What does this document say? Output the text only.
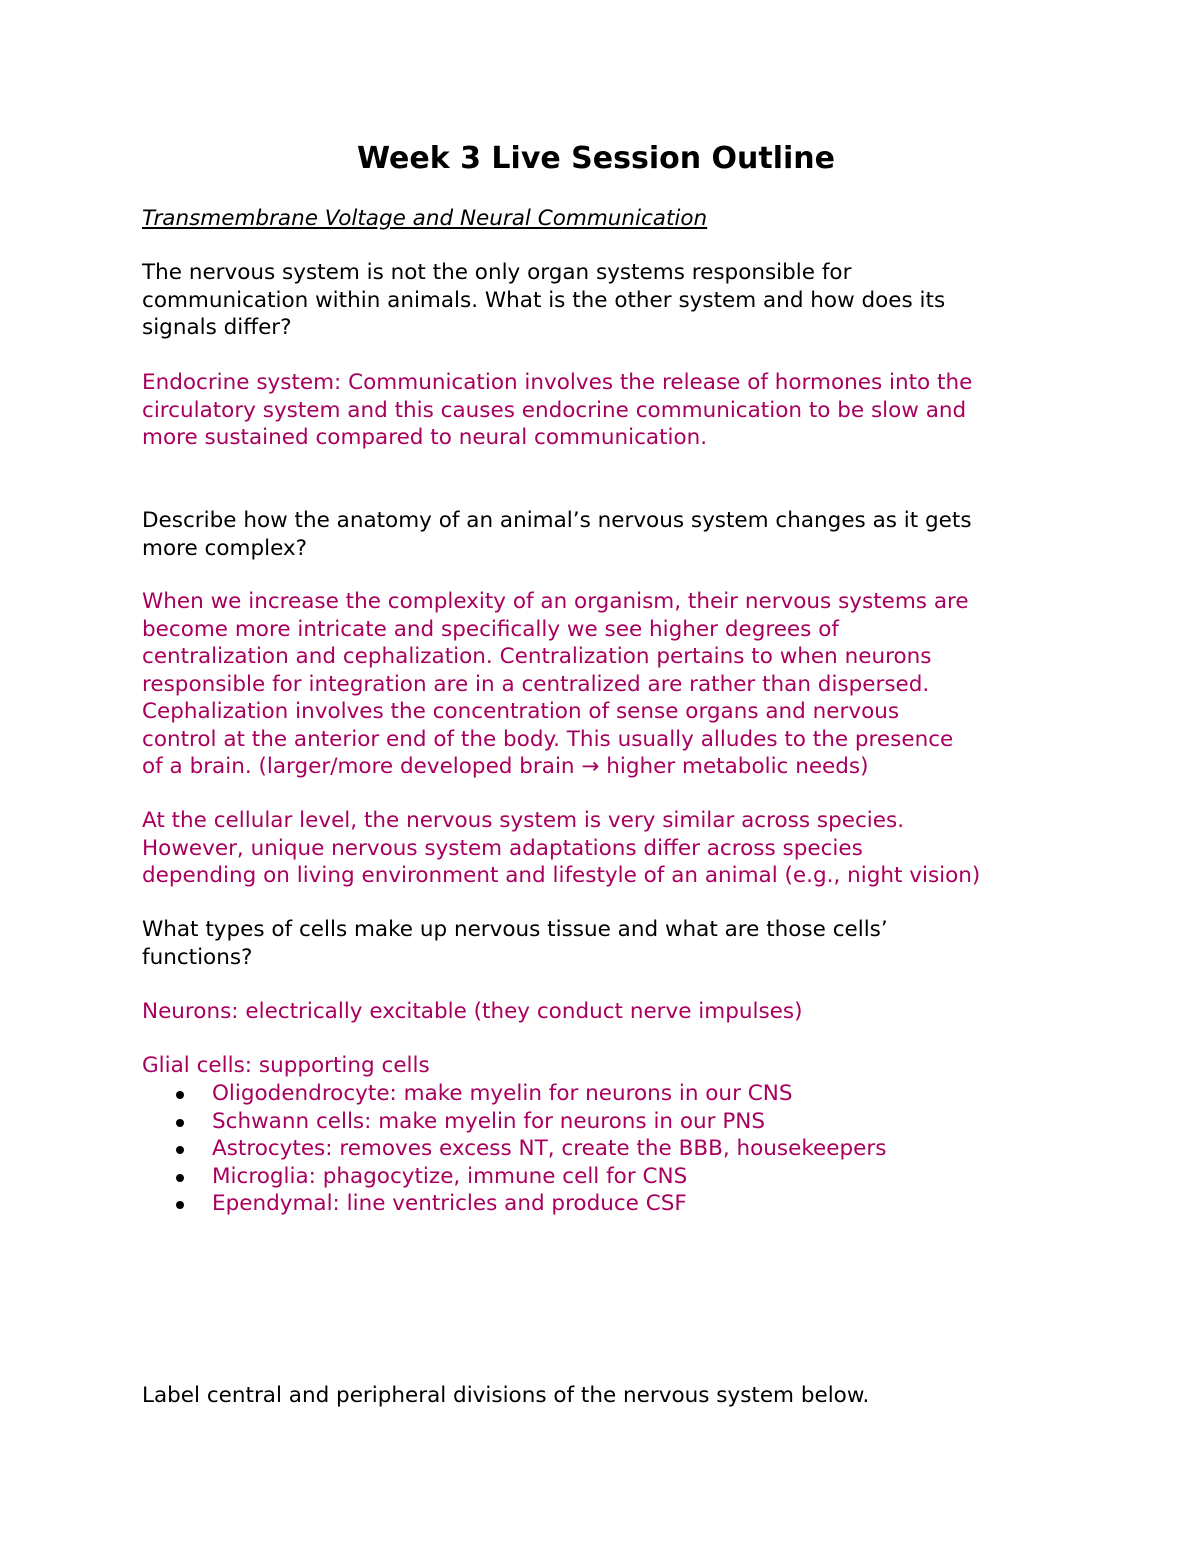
Week 3 Live Session Outline

Transmembrane Voltage and Neural Communication

The nervous system is not the only organ systems responsible for
communication within animals. What is the other system and how does its
signals differ?

Endocrine system: Communication involves the release of hormones into the
circulatory system and this causes endocrine communication to be slow and
more sustained compared to neural communication.

Describe how the anatomy of an animal’s nervous system changes as it gets
more complex?

When we increase the complexity of an organism, their nervous systems are
become more intricate and specifically we see higher degrees of
centralization and cephalization. Centralization pertains to when neurons
responsible for integration are in a centralized are rather than dispersed.
Cephalization involves the concentration of sense organs and nervous
control at the anterior end of the body. This usually alludes to the presence
of a brain. (larger/more developed brain → higher metabolic needs)

At the cellular level, the nervous system is very similar across species.
However, unique nervous system adaptations differ across species
depending on living environment and lifestyle of an animal (e.g., night vision)

What types of cells make up nervous tissue and what are those cells’
functions?

Neurons: electrically excitable (they conduct nerve impulses)

Glial cells: supporting cells

Oligodendrocyte: make myelin for neurons in our CNS
Schwann cells: make myelin for neurons in our PNS
Astrocytes: removes excess NT, create the BBB, housekeepers
Microglia: phagocytize, immune cell for CNS
Ependymal: line ventricles and produce CSF

Label central and peripheral divisions of the nervous system below.
